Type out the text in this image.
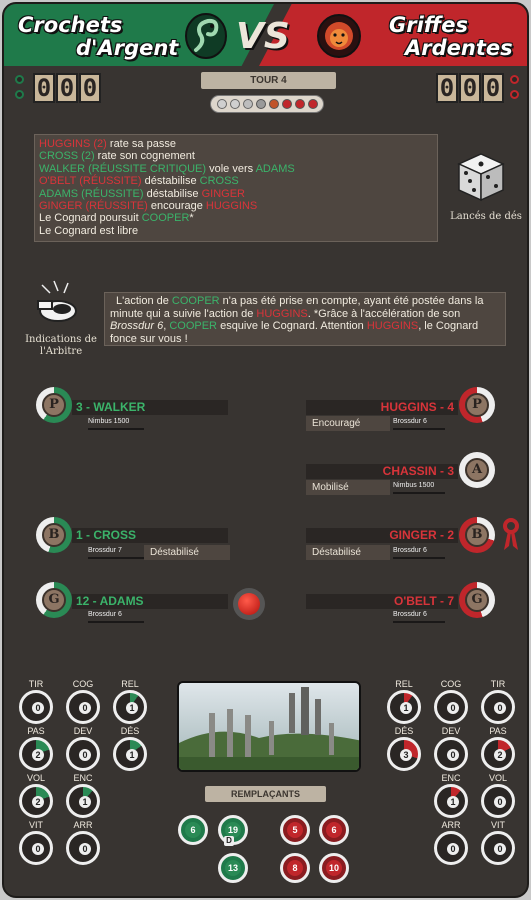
Crochets
d'Argent
Griffes
Ardentes
VS
0 0 0	0 0 0
TOUR 4
HUGGINS (2) rate sa passe
CROSS (2) rate son cognement
WALKER (RÉUSSITE CRITIQUE) vole vers ADAMS
O'BELT (RÉUSSITE) déstabilise CROSS
ADAMS (RÉUSSITE) déstabilise GINGER
GINGER (RÉUSSITE) encourage HUGGINS
Le Cognard poursuit COOPER*
Le Cognard est libre
Lancés de dés
Indications de l'Arbitre
L'action de COOPER n'a pas été prise en compte, ayant été postée dans la minute qui a suivie l'action de HUGGINS. *Grâce à l'accélération de son Brossdur 6, COOPER esquive le Cognard. Attention HUGGINS, le Cognard fonce sur vous !
P	3 - WALKER
Nimbus 1500
B	1 - CROSS
Brossdur 7	Déstabilisé
G	12 - ADAMS
Brossdur 6
HUGGINS - 4
Encouragé	Brossdur 6
P
CHASSIN - 3
Mobilisé	Nimbus 1500
A
GINGER - 2
Déstabilisé	Brossdur 6
B
O'BELT - 7
Brossdur 6
G
TIR
0
COG
0
REL
1
PAS
2
DEV
0
DÉS
1
VOL
2
ENC
1
VIT
0
ARR
0
REL
1
COG
0
TIR
0
DÉS
3
DEV
0
PAS
2
ENC
1
VOL
0
ARR
0
VIT
0
REMPLAÇANTS
6	19
13
5	6
8	10
D
